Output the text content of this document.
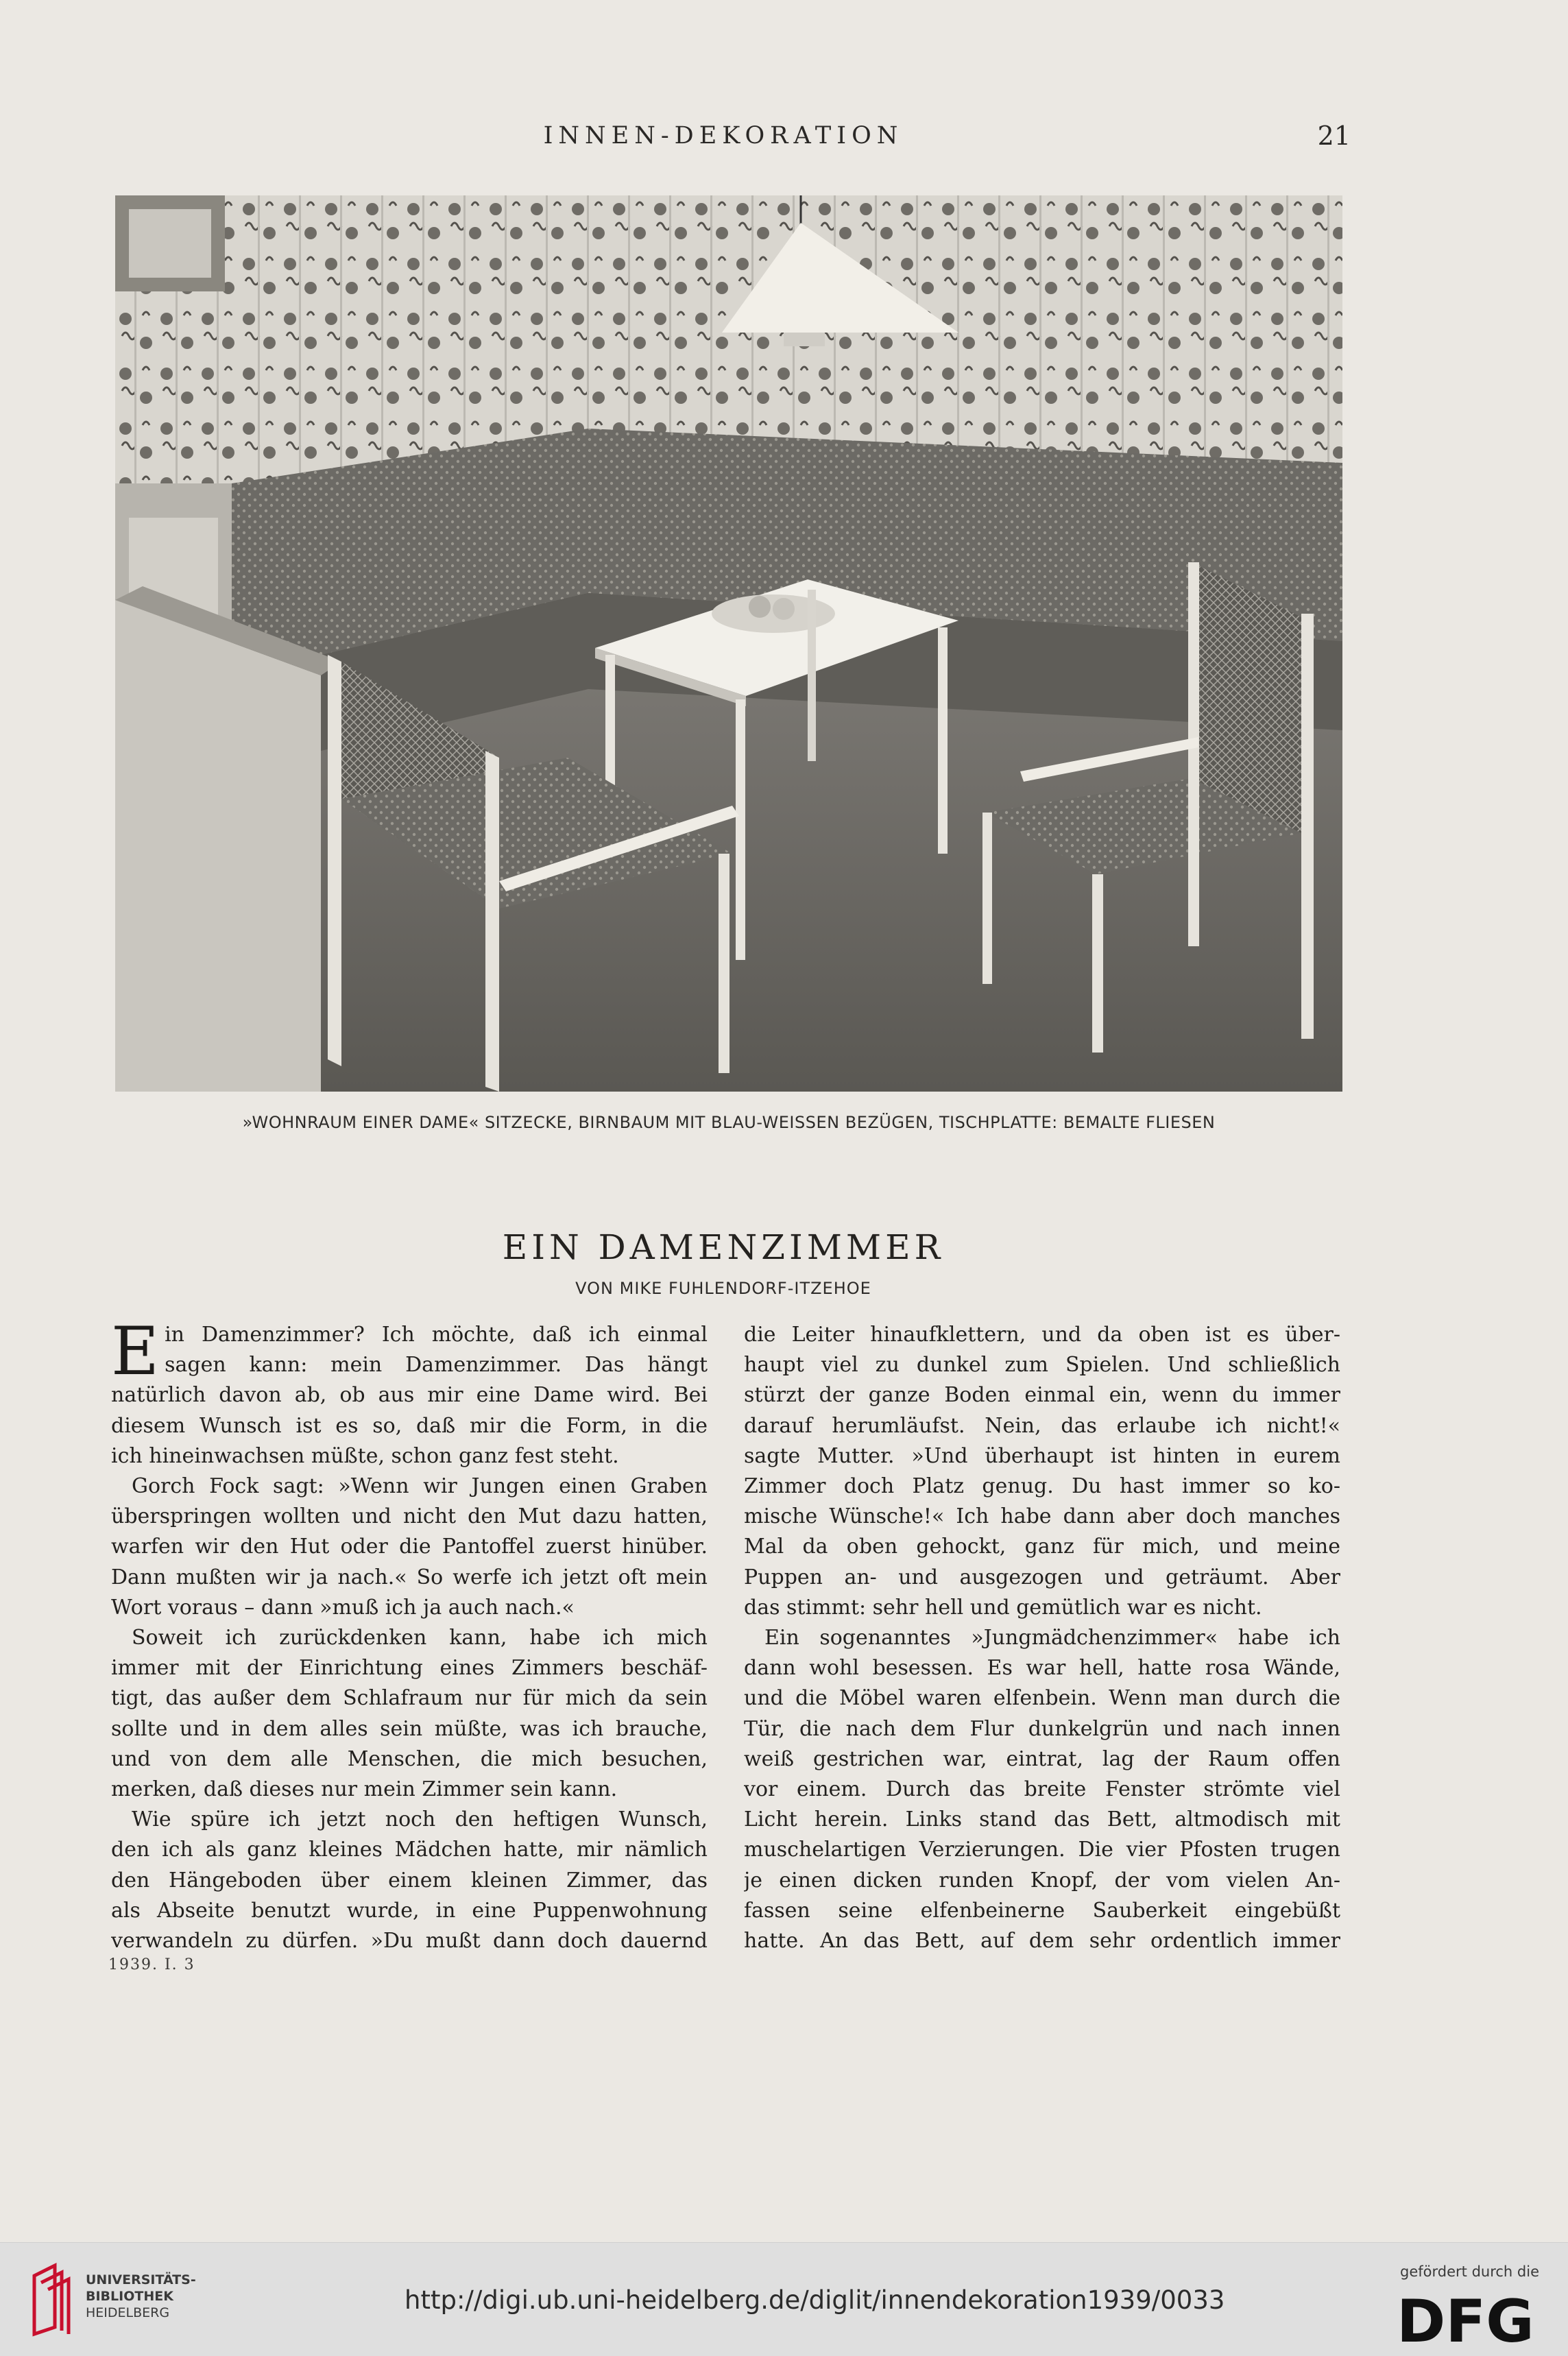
INNEN-DEKORATION	21
»WOHNRAUM EINER DAME« SITZECKE, BIRNBAUM MIT BLAU-WEISSEN BEZÜGEN, TISCHPLATTE: BEMALTE FLIESEN
EIN DAMENZIMMER
VON MIKE FUHLENDORF-ITZEHOE
E in Damenzimmer? Ich möchte, daß ich einmal
sagen kann: mein Damenzimmer. Das hängt
natürlich davon ab, ob aus mir eine Dame wird. Bei
diesem Wunsch ist es so, daß mir die Form, in die
ich hineinwachsen müßte, schon ganz fest steht.
Gorch Fock sagt: »Wenn wir Jungen einen Graben
überspringen wollten und nicht den Mut dazu hatten,
warfen wir den Hut oder die Pantoffel zuerst hinüber.
Dann mußten wir ja nach.« So werfe ich jetzt oft mein
Wort voraus – dann »muß ich ja auch nach.«
Soweit ich zurückdenken kann, habe ich mich
immer mit der Einrichtung eines Zimmers beschäf-
tigt, das außer dem Schlafraum nur für mich da sein
sollte und in dem alles sein müßte, was ich brauche,
und von dem alle Menschen, die mich besuchen,
merken, daß dieses nur mein Zimmer sein kann.
Wie spüre ich jetzt noch den heftigen Wunsch,
den ich als ganz kleines Mädchen hatte, mir nämlich
den Hängeboden über einem kleinen Zimmer, das
als Abseite benutzt wurde, in eine Puppenwohnung
verwandeln zu dürfen. »Du mußt dann doch dauernd
die Leiter hinaufklettern, und da oben ist es über-
haupt viel zu dunkel zum Spielen. Und schließlich
stürzt der ganze Boden einmal ein, wenn du immer
darauf herumläufst. Nein, das erlaube ich nicht!«
sagte Mutter. »Und überhaupt ist hinten in eurem
Zimmer doch Platz genug. Du hast immer so ko-
mische Wünsche!« Ich habe dann aber doch manches
Mal da oben gehockt, ganz für mich, und meine
Puppen an- und ausgezogen und geträumt. Aber
das stimmt: sehr hell und gemütlich war es nicht.
Ein sogenanntes »Jungmädchenzimmer« habe ich
dann wohl besessen. Es war hell, hatte rosa Wände,
und die Möbel waren elfenbein. Wenn man durch die
Tür, die nach dem Flur dunkelgrün und nach innen
weiß gestrichen war, eintrat, lag der Raum offen
vor einem. Durch das breite Fenster strömte viel
Licht herein. Links stand das Bett, altmodisch mit
muschelartigen Verzierungen. Die vier Pfosten trugen
je einen dicken runden Knopf, der vom vielen An-
fassen seine elfenbeinerne Sauberkeit eingebüßt
hatte. An das Bett, auf dem sehr ordentlich immer
1939. I. 3
UNIVERSITÄTS-
BIBLIOTHEK
HEIDELBERG	http://digi.ub.uni-heidelberg.de/diglit/innendekoration1939/0033
gefördert durch die
DFG
